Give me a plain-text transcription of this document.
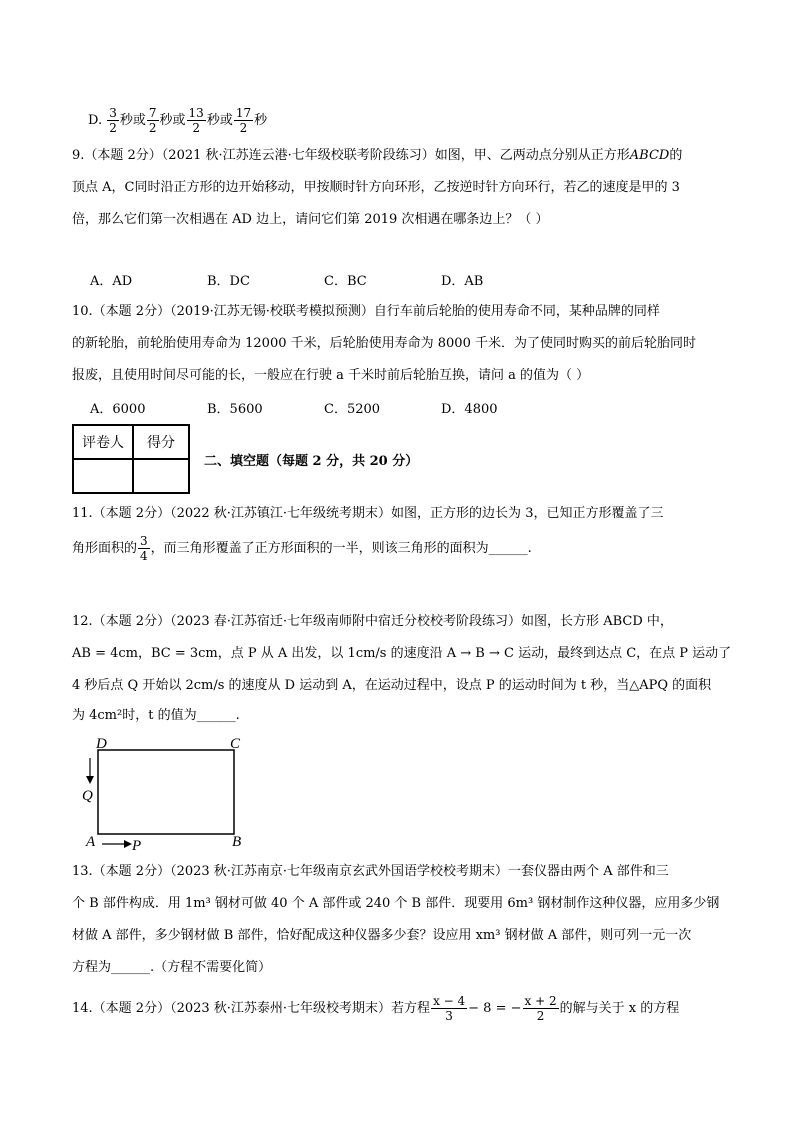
D. $\frac{3}{2}$ 秒或 $\frac{7}{2}$ 秒或 $\frac{13}{2}$ 秒或 $\frac{17}{2}$ 秒
9.（本题 2分）（2021 秋·江苏连云港·七年级校联考阶段练习）如图，甲、乙两动点分别从正方形ABCD的
顶点 A，C同时沿正方形的边开始移动，甲按顺时针方向环形，乙按逆时针方向环行，若乙的速度是甲的 3
倍，那么它们第一次相遇在 AD 边上，请问它们第 2019 次相遇在哪条边上？（ ）
A．AD	B．DC	C．BC	D．AB
10.（本题 2分）（2019·江苏无锡·校联考模拟预测）自行车前后轮胎的使用寿命不同，某种品牌的同样
的新轮胎，前轮胎使用寿命为 12000 千米，后轮胎使用寿命为 8000 千米．为了使同时购买的前后轮胎同时
报废，且使用时间尽可能的长，一般应在行驶 a 千米时前后轮胎互换，请问 a 的值为（ ）
A．6000	B．5600	C．5200	D．4800
评卷人	得分

二、填空题（每题 2 分，共 20 分）
11.（本题 2分）（2022 秋·江苏镇江·七年级统考期末）如图，正方形的边长为 3，已知正方形覆盖了三
角形面积的 $\frac{3}{4}$ ，而三角形覆盖了正方形面积的一半，则该三角形的面积为______.
12.（本题 2分）（2023 春·江苏宿迁·七年级南师附中宿迁分校校考阶段练习）如图，长方形 ABCD 中，
AB = 4cm，BC = 3cm，点 P 从 A 出发，以 1cm/s 的速度沿 A → B → C 运动，最终到达点 C，在点 P 运动了
4 秒后点 Q 开始以 2cm/s 的速度从 D 运动到 A，在运动过程中，设点 P 的运动时间为 t 秒，当△APQ 的面积
为 4cm²时，t 的值为______.
D	C
Q
A	B
P
13.（本题 2分）（2023 秋·江苏南京·七年级南京玄武外国语学校校考期末）一套仪器由两个 A 部件和三
个 B 部件构成．用 1m³ 钢材可做 40 个 A 部件或 240 个 B 部件．现要用 6m³ 钢材制作这种仪器，应用多少钢
材做 A 部件，多少钢材做 B 部件，恰好配成这种仪器多少套？设应用 xm³ 钢材做 A 部件，则可列一元一次
方程为______.（方程不需要化简）
14.（本题 2分）（2023 秋·江苏泰州·七年级校考期末）若方程 $\frac{x - 4}{3} - 8$ = − $\frac{x + 2}{2}$ 的解与关于 x 的方程
